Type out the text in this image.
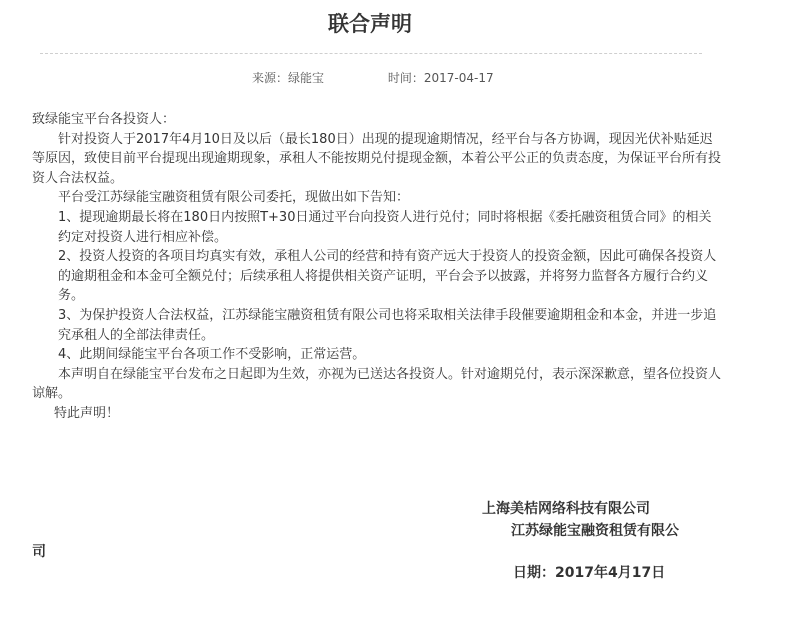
联合声明
来源：绿能宝	时间：2017-04-17

致绿能宝平台各投资人：

针对投资人于2017年4月10日及以后（最长180日）出现的提现逾期情况，经平台与各方协调，现因光伏补贴延迟等原因，致使目前平台提现出现逾期现象，承租人不能按期兑付提现金额，本着公平公正的负责态度，为保证平台所有投资人合法权益。

平台受江苏绿能宝融资租赁有限公司委托，现做出如下告知：

1、提现逾期最长将在180日内按照T+30日通过平台向投资人进行兑付；同时将根据《委托融资租赁合同》的相关约定对投资人进行相应补偿。

2、投资人投资的各项目均真实有效，承租人公司的经营和持有资产远大于投资人的投资金额，因此可确保各投资人的逾期租金和本金可全额兑付；后续承租人将提供相关资产证明，平台会予以披露，并将努力监督各方履行合约义务。

3、为保护投资人合法权益，江苏绿能宝融资租赁有限公司也将采取相关法律手段催要逾期租金和本金，并进一步追究承租人的全部法律责任。

4、此期间绿能宝平台各项工作不受影响，正常运营。

本声明自在绿能宝平台发布之日起即为生效，亦视为已送达各投资人。针对逾期兑付，表示深深歉意，望各位投资人谅解。

特此声明！

上海美桔网络科技有限公司
江苏绿能宝融资租赁有限公
司
日期：2017年4月17日
